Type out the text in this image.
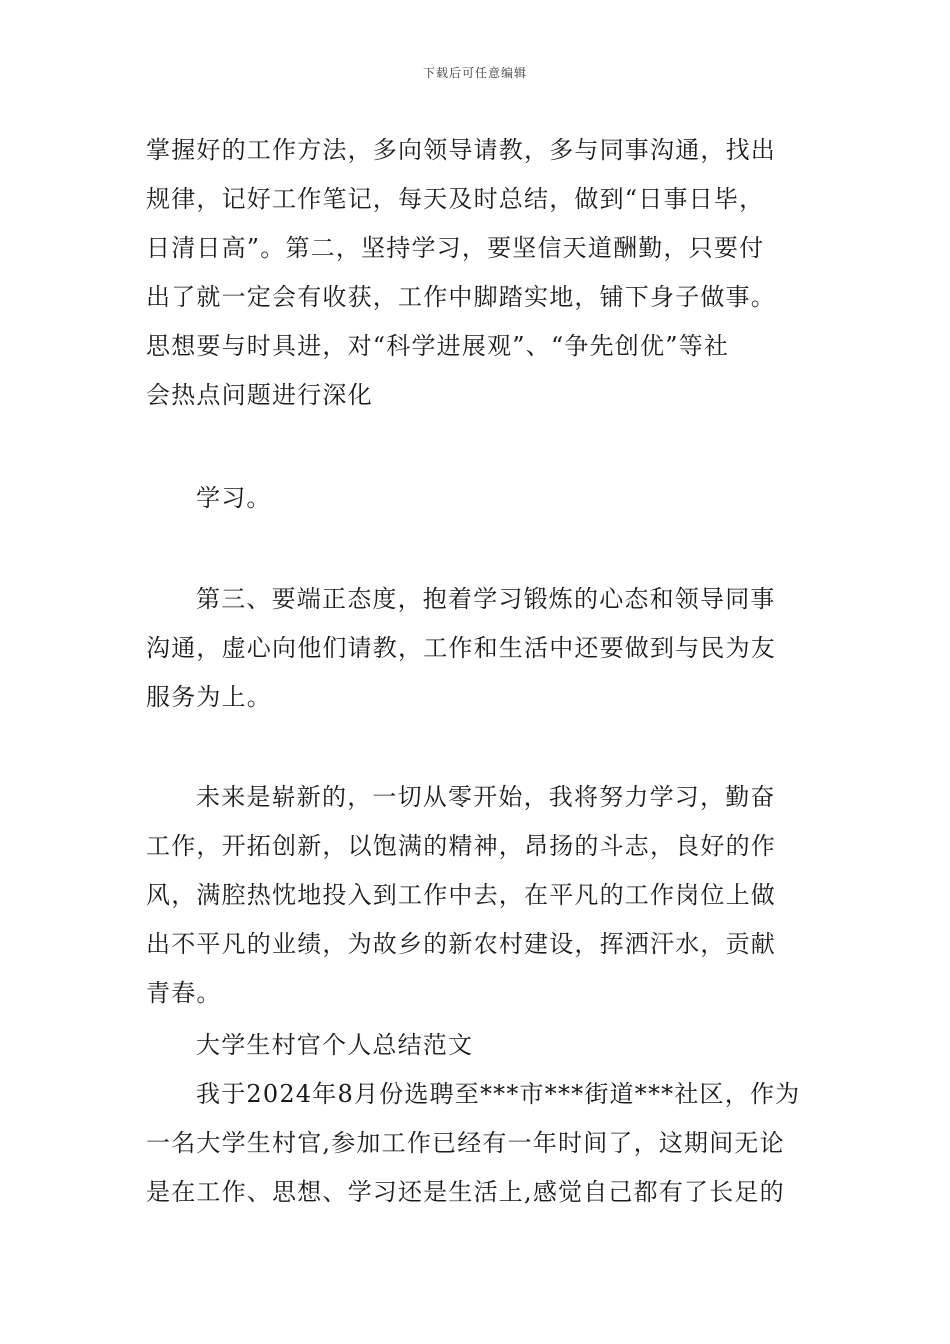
下载后可任意编辑
掌握好的工作方法，多向领导请教，多与同事沟通，找出
规律，记好工作笔记，每天及时总结，做到“日事日毕，
日清日高”。第二，坚持学习，要坚信天道酬勤，只要付
出了就一定会有收获，工作中脚踏实地，铺下身子做事。
思想要与时具进，对“科学进展观”、“争先创优”等社
会热点问题进行深化
学习。
第三、要端正态度，抱着学习锻炼的心态和领导同事
沟通，虚心向他们请教，工作和生活中还要做到与民为友
服务为上。
未来是崭新的，一切从零开始，我将努力学习，勤奋
工作，开拓创新，以饱满的精神，昂扬的斗志，良好的作
风，满腔热忱地投入到工作中去，在平凡的工作岗位上做
出不平凡的业绩，为故乡的新农村建设，挥洒汗水，贡献
青春。
大学生村官个人总结范文
我于2024年8月份选聘至***市***街道***社区，作为
一名大学生村官,参加工作已经有一年时间了，这期间无论
是在工作、思想、学习还是生活上,感觉自己都有了长足的
